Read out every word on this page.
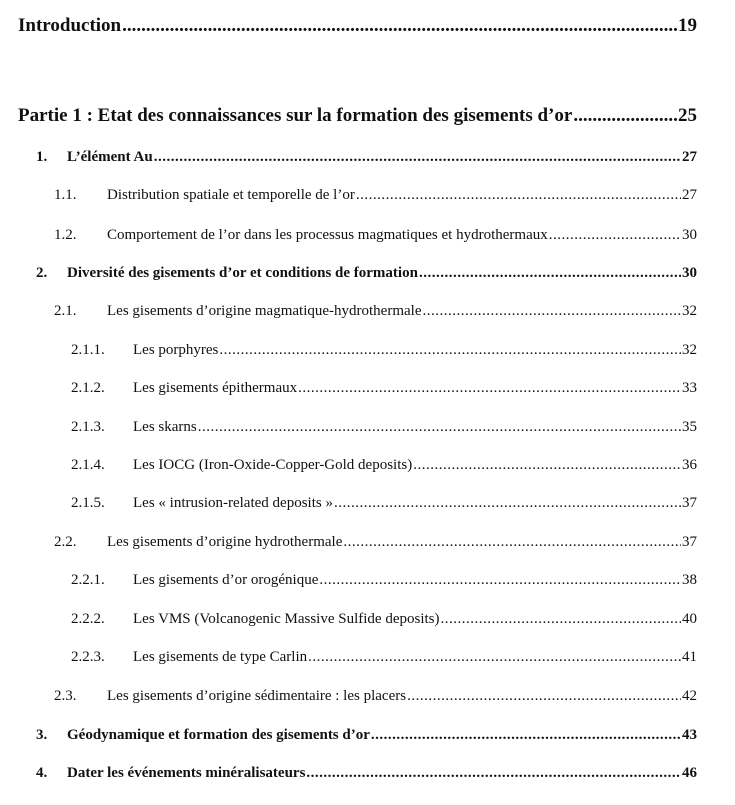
Introduction .....	19
Partie 1 : Etat des connaissances sur la formation des gisements d’or .....	25
1.	L’élément Au .....	27
1.1.	Distribution spatiale et temporelle de l’or .....	27
1.2.	Comportement de l’or dans les processus magmatiques et hydrothermaux .....	30
2.	Diversité des gisements d’or et conditions de formation .....	30
2.1.	Les gisements d’origine magmatique-hydrothermale .....	32
2.1.1.	Les porphyres .....	32
2.1.2.	Les gisements épithermaux .....	33
2.1.3.	Les skarns .....	35
2.1.4.	Les IOCG (Iron-Oxide-Copper-Gold deposits) .....	36
2.1.5.	Les « intrusion-related deposits » .....	37
2.2.	Les gisements d’origine hydrothermale .....	37
2.2.1.	Les gisements d’or orogénique .....	38
2.2.2.	Les VMS (Volcanogenic Massive Sulfide deposits) .....	40
2.2.3.	Les gisements de type Carlin .....	41
2.3.	Les gisements d’origine sédimentaire : les placers .....	42
3.	Géodynamique et formation des gisements d’or .....	43
4.	Dater les événements minéralisateurs .....	46
